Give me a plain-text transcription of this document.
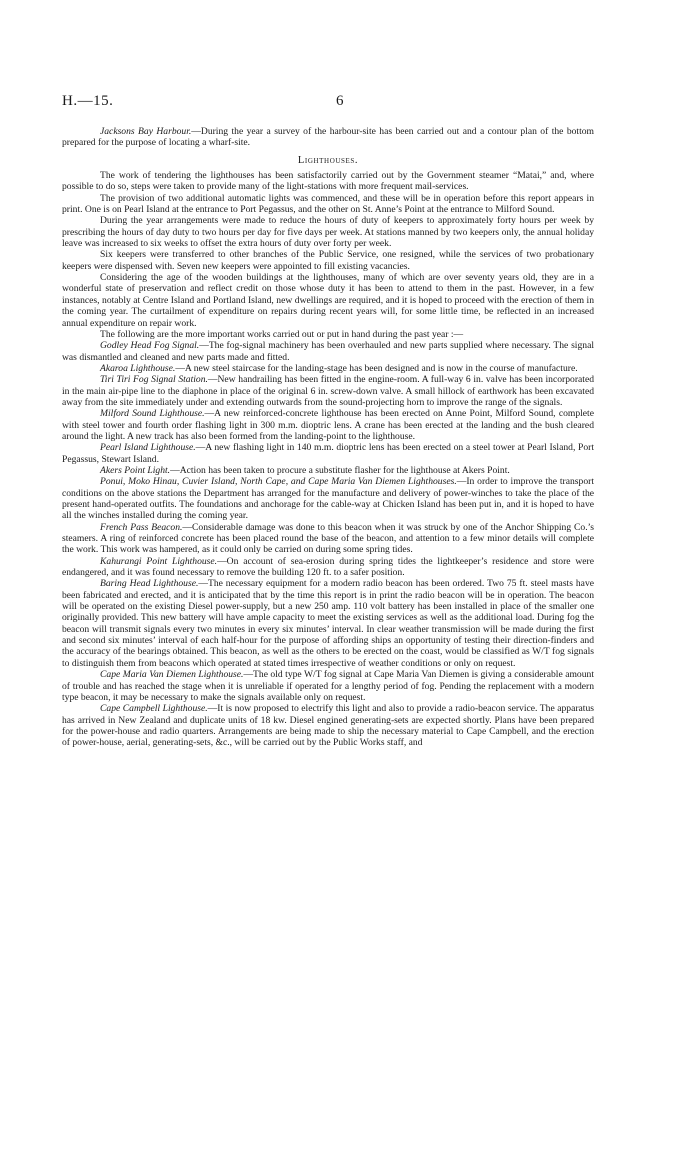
H.—15.	6

Jacksons Bay Harbour.—During the year a survey of the harbour-site has been carried out and a contour plan of the bottom prepared for the purpose of locating a wharf-site.

Lighthouses.

The work of tendering the lighthouses has been satisfactorily carried out by the Government steamer “Matai,” and, where possible to do so, steps were taken to provide many of the light-stations with more frequent mail-services.

The provision of two additional automatic lights was commenced, and these will be in operation before this report appears in print. One is on Pearl Island at the entrance to Port Pegassus, and the other on St. Anne’s Point at the entrance to Milford Sound.

During the year arrangements were made to reduce the hours of duty of keepers to approximately forty hours per week by prescribing the hours of day duty to two hours per day for five days per week. At stations manned by two keepers only, the annual holiday leave was increased to six weeks to offset the extra hours of duty over forty per week.

Six keepers were transferred to other branches of the Public Service, one resigned, while the services of two probationary keepers were dispensed with. Seven new keepers were appointed to fill existing vacancies.

Considering the age of the wooden buildings at the lighthouses, many of which are over seventy years old, they are in a wonderful state of preservation and reflect credit on those whose duty it has been to attend to them in the past. However, in a few instances, notably at Centre Island and Portland Island, new dwellings are required, and it is hoped to proceed with the erection of them in the coming year. The curtailment of expenditure on repairs during recent years will, for some little time, be reflected in an increased annual expenditure on repair work.

The following are the more important works carried out or put in hand during the past year :—

Godley Head Fog Signal.—The fog-signal machinery has been overhauled and new parts supplied where necessary. The signal was dismantled and cleaned and new parts made and fitted.

Akaroa Lighthouse.—A new steel staircase for the landing-stage has been designed and is now in the course of manufacture.

Tiri Tiri Fog Signal Station.—New handrailing has been fitted in the engine-room. A full-way 6 in. valve has been incorporated in the main air-pipe line to the diaphone in place of the original 6 in. screw-down valve. A small hillock of earthwork has been excavated away from the site immediately under and extending outwards from the sound-projecting horn to improve the range of the signals.

Milford Sound Lighthouse.—A new reinforced-concrete lighthouse has been erected on Anne Point, Milford Sound, complete with steel tower and fourth order flashing light in 300 m.m. dioptric lens. A crane has been erected at the landing and the bush cleared around the light. A new track has also been formed from the landing-point to the lighthouse.

Pearl Island Lighthouse.—A new flashing light in 140 m.m. dioptric lens has been erected on a steel tower at Pearl Island, Port Pegassus, Stewart Island.

Akers Point Light.—Action has been taken to procure a substitute flasher for the lighthouse at Akers Point.

Ponui, Moko Hinau, Cuvier Island, North Cape, and Cape Maria Van Diemen Lighthouses.—In order to improve the transport conditions on the above stations the Department has arranged for the manufacture and delivery of power-winches to take the place of the present hand-operated outfits. The foundations and anchorage for the cable-way at Chicken Island has been put in, and it is hoped to have all the winches installed during the coming year.

French Pass Beacon.—Considerable damage was done to this beacon when it was struck by one of the Anchor Shipping Co.’s steamers. A ring of reinforced concrete has been placed round the base of the beacon, and attention to a few minor details will complete the work. This work was hampered, as it could only be carried on during some spring tides.

Kahurangi Point Lighthouse.—On account of sea-erosion during spring tides the lightkeeper’s residence and store were endangered, and it was found necessary to remove the building 120 ft. to a safer position.

Baring Head Lighthouse.—The necessary equipment for a modern radio beacon has been ordered. Two 75 ft. steel masts have been fabricated and erected, and it is anticipated that by the time this report is in print the radio beacon will be in operation. The beacon will be operated on the existing Diesel power-supply, but a new 250 amp. 110 volt battery has been installed in place of the smaller one originally provided. This new battery will have ample capacity to meet the existing services as well as the additional load. During fog the beacon will transmit signals every two minutes in every six minutes’ interval. In clear weather transmission will be made during the first and second six minutes’ interval of each half-hour for the purpose of affording ships an opportunity of testing their direction-finders and the accuracy of the bearings obtained. This beacon, as well as the others to be erected on the coast, would be classified as W/T fog signals to distinguish them from beacons which operated at stated times irrespective of weather conditions or only on request.

Cape Maria Van Diemen Lighthouse.—The old type W/T fog signal at Cape Maria Van Diemen is giving a considerable amount of trouble and has reached the stage when it is unreliable if operated for a lengthy period of fog. Pending the replacement with a modern type beacon, it may be necessary to make the signals available only on request.

Cape Campbell Lighthouse.—It is now proposed to electrify this light and also to provide a radio-beacon service. The apparatus has arrived in New Zealand and duplicate units of 18 kw. Diesel engined generating-sets are expected shortly. Plans have been prepared for the power-house and radio quarters. Arrangements are being made to ship the necessary material to Cape Campbell, and the erection of power-house, aerial, generating-sets, &c., will be carried out by the Public Works staff, and
